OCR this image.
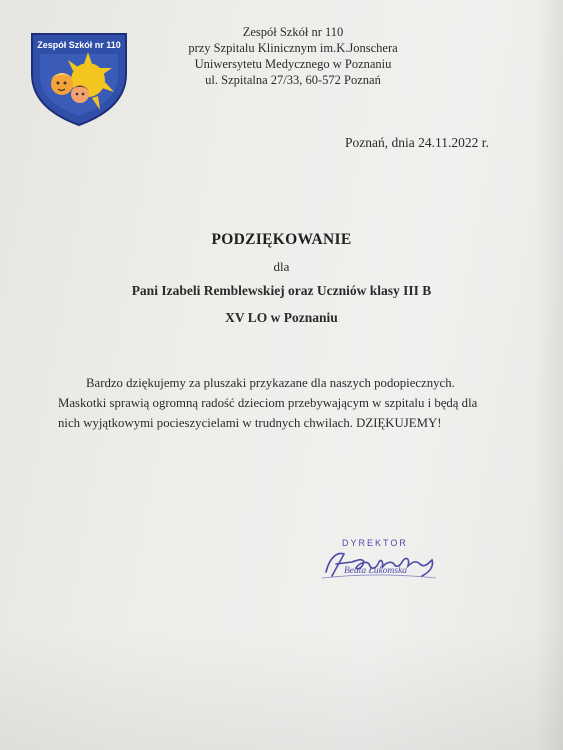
Zespół Szkół nr 110
Zespół Szkół nr 110
przy Szpitalu Klinicznym im.K.Jonschera
Uniwersytetu Medycznego w Poznaniu
ul. Szpitalna 27/33, 60-572 Poznań
Poznań, dnia 24.11.2022 r.
PODZIĘKOWANIE
dla
Pani Izabeli Remblewskiej oraz Uczniów klasy III B
XV LO w Poznaniu
Bardzo dziękujemy za pluszaki przykazane dla naszych podopiecznych.
Maskotki sprawią ogromną radość dzieciom przebywającym w szpitalu i będą dla
nich wyjątkowymi pocieszycielami w trudnych chwilach. DZIĘKUJEMY!
DYREKTOR
Beata Łukomska
